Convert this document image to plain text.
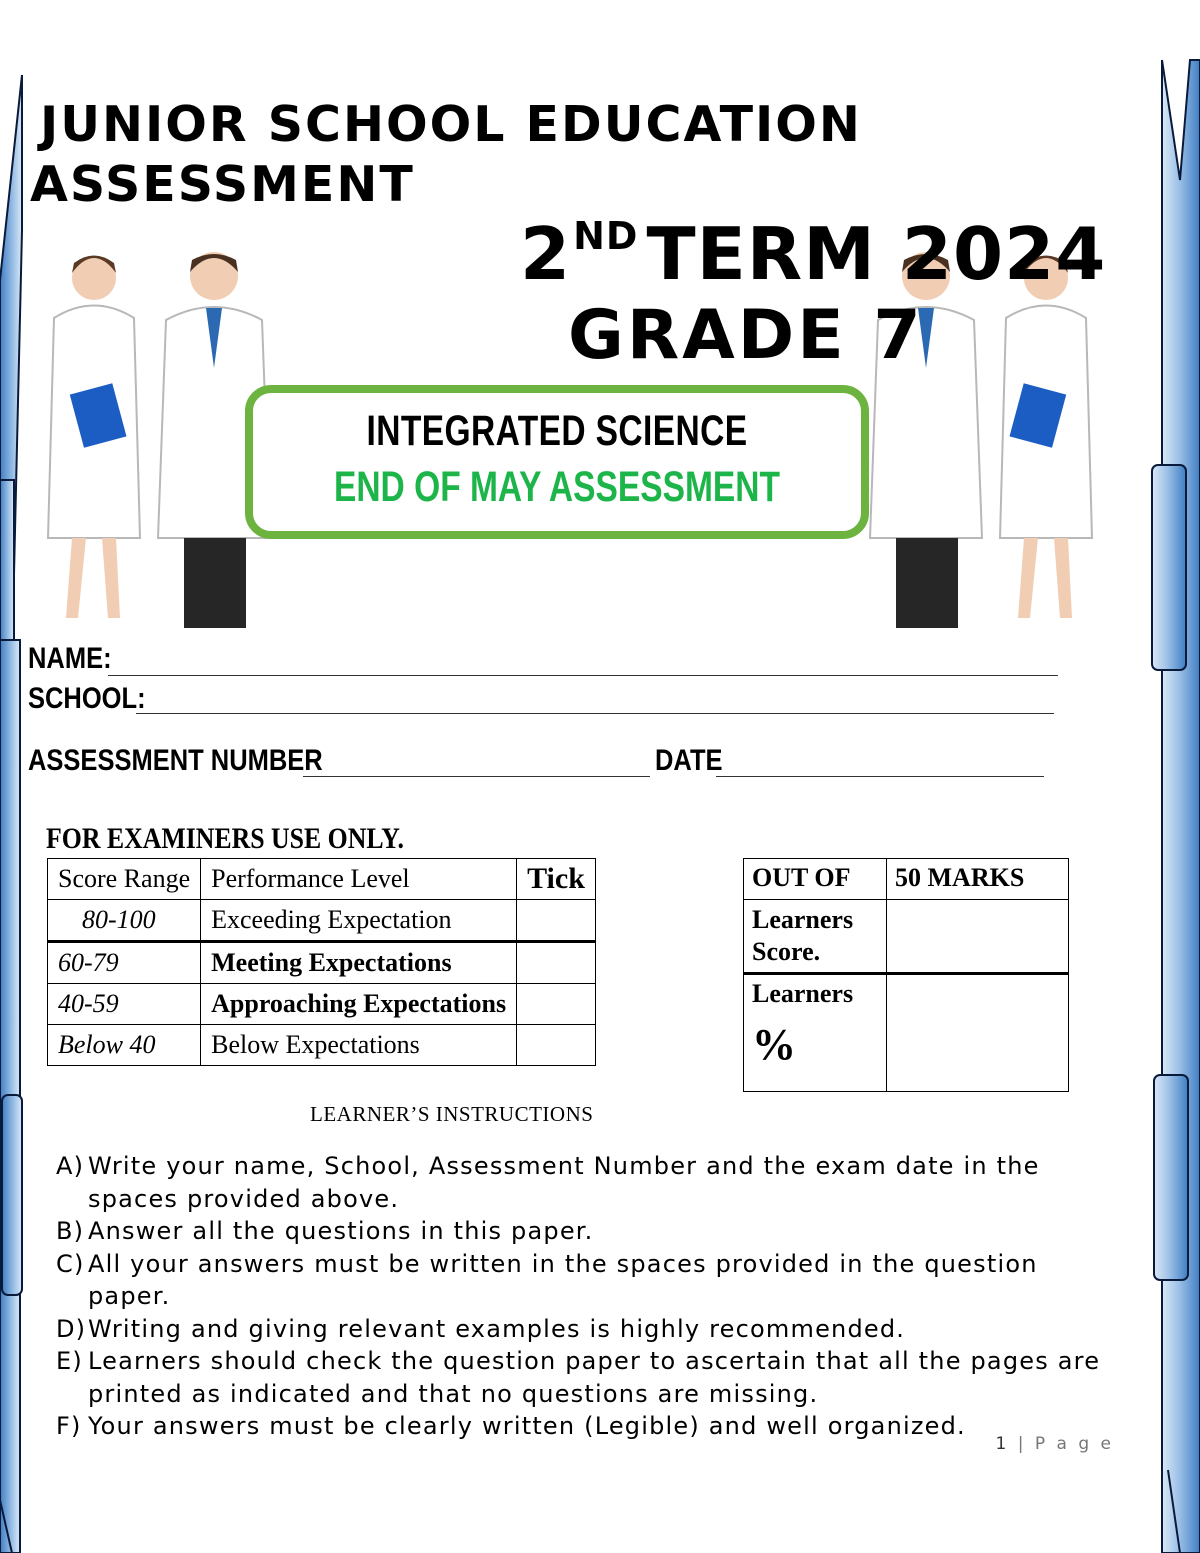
JUNIOR SCHOOL EDUCATION
ASSESSMENT
2ND TERM 2024
GRADE 7
INTEGRATED SCIENCE
END OF MAY ASSESSMENT
NAME:
SCHOOL:
ASSESSMENT NUMBER	DATE
FOR EXAMINERS USE ONLY.
Score Range	Performance Level	Tick
80-100	Exceeding Expectation	
60-79	Meeting Expectations	
40-59	Approaching Expectations	
Below 40	Below Expectations	
OUT OF	50 MARKS
Learners Score.	

Learners
%	

LEARNER’S INSTRUCTIONS
A) Write your name, School, Assessment Number and the exam date in the spaces provided above.
B) Answer all the questions in this paper.
C) All your answers must be written in the spaces provided in the question paper.
D) Writing and giving relevant examples is highly recommended.
E) Learners should check the question paper to ascertain that all the pages are printed as indicated and that no questions are missing.
F) Your answers must be clearly written (Legible) and well organized.
1 | P a g e
